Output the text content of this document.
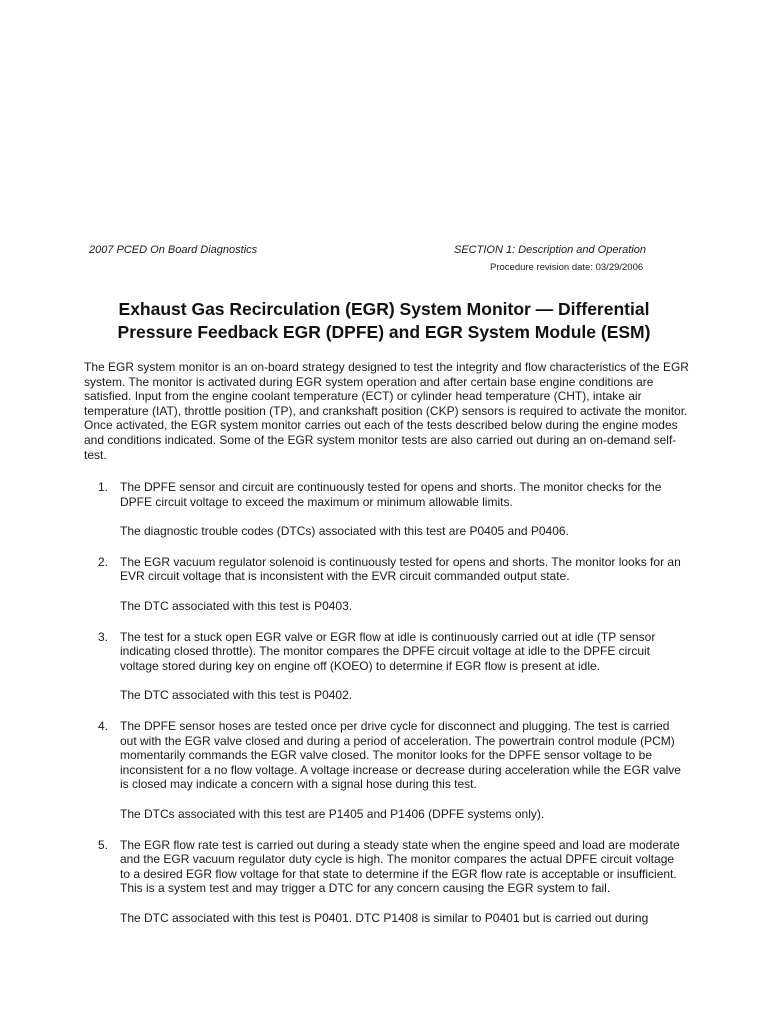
2007 PCED On Board Diagnostics	SECTION 1: Description and Operation
Procedure revision date: 03/29/2006
Exhaust Gas Recirculation (EGR) System Monitor — Differential
Pressure Feedback EGR (DPFE) and EGR System Module (ESM)

The EGR system monitor is an on-board strategy designed to test the integrity and flow characteristics of the EGR system. The monitor is activated during EGR system operation and after certain base engine conditions are satisfied. Input from the engine coolant temperature (ECT) or cylinder head temperature (CHT), intake air temperature (IAT), throttle position (TP), and crankshaft position (CKP) sensors is required to activate the monitor. Once activated, the EGR system monitor carries out each of the tests described below during the engine modes and conditions indicated. Some of the EGR system monitor tests are also carried out during an on-demand self-test.

1. The DPFE sensor and circuit are continuously tested for opens and shorts. The monitor checks for the DPFE circuit voltage to exceed the maximum or minimum allowable limits.

The diagnostic trouble codes (DTCs) associated with this test are P0405 and P0406.

2. The EGR vacuum regulator solenoid is continuously tested for opens and shorts. The monitor looks for an EVR circuit voltage that is inconsistent with the EVR circuit commanded output state.

The DTC associated with this test is P0403.

3. The test for a stuck open EGR valve or EGR flow at idle is continuously carried out at idle (TP sensor indicating closed throttle). The monitor compares the DPFE circuit voltage at idle to the DPFE circuit voltage stored during key on engine off (KOEO) to determine if EGR flow is present at idle.

The DTC associated with this test is P0402.

4. The DPFE sensor hoses are tested once per drive cycle for disconnect and plugging. The test is carried out with the EGR valve closed and during a period of acceleration. The powertrain control module (PCM) momentarily commands the EGR valve closed. The monitor looks for the DPFE sensor voltage to be inconsistent for a no flow voltage. A voltage increase or decrease during acceleration while the EGR valve is closed may indicate a concern with a signal hose during this test.

The DTCs associated with this test are P1405 and P1406 (DPFE systems only).

5. The EGR flow rate test is carried out during a steady state when the engine speed and load are moderate and the EGR vacuum regulator duty cycle is high. The monitor compares the actual DPFE circuit voltage to a desired EGR flow voltage for that state to determine if the EGR flow rate is acceptable or insufficient. This is a system test and may trigger a DTC for any concern causing the EGR system to fail.

The DTC associated with this test is P0401. DTC P1408 is similar to P0401 but is carried out during
